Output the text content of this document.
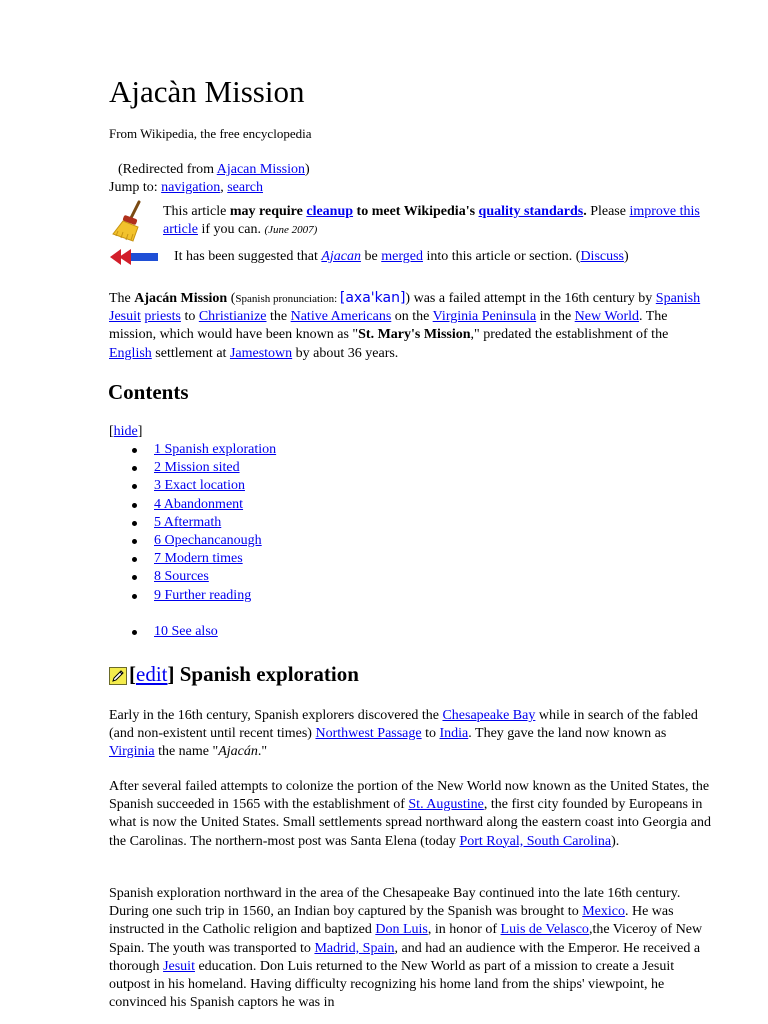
Ajacàn Mission
From Wikipedia, the free encyclopedia
(Redirected from Ajacan Mission)
Jump to: navigation, search
This article may require cleanup to meet Wikipedia's quality standards. Please improve this article if you can. (June 2007)
It has been suggested that Ajacan be merged into this article or section. (Discuss)

The Ajacán Mission (Spanish pronunciation: [axa'kan]) was a failed attempt in the 16th century by Spanish Jesuit priests to Christianize the Native Americans on the Virginia Peninsula in the New World. The mission, which would have been known as "St. Mary's Mission," predated the establishment of the English settlement at Jamestown by about 36 years.

Contents
[hide]
1 Spanish exploration
2 Mission sited
3 Exact location
4 Abandonment
5 Aftermath
6 Opechancanough
7 Modern times
8 Sources
9 Further reading
10 See also
[ edit ] Spanish exploration

Early in the 16th century, Spanish explorers discovered the Chesapeake Bay while in search of the fabled (and non-existent until recent times) Northwest Passage to India. They gave the land now known as Virginia the name "Ajacán."

After several failed attempts to colonize the portion of the New World now known as the United States, the Spanish succeeded in 1565 with the establishment of St. Augustine, the first city founded by Europeans in what is now the United States. Small settlements spread northward along the eastern coast into Georgia and the Carolinas. The northern-most post was Santa Elena (today Port Royal, South Carolina).

Spanish exploration northward in the area of the Chesapeake Bay continued into the late 16th century. During one such trip in 1560, an Indian boy captured by the Spanish was brought to Mexico. He was instructed in the Catholic religion and baptized Don Luis, in honor of Luis de Velasco,the Viceroy of New Spain. The youth was transported to Madrid, Spain, and had an audience with the Emperor. He received a thorough Jesuit education. Don Luis returned to the New World as part of a mission to create a Jesuit outpost in his homeland. Having difficulty recognizing his home land from the ships' viewpoint, he convinced his Spanish captors he was in
